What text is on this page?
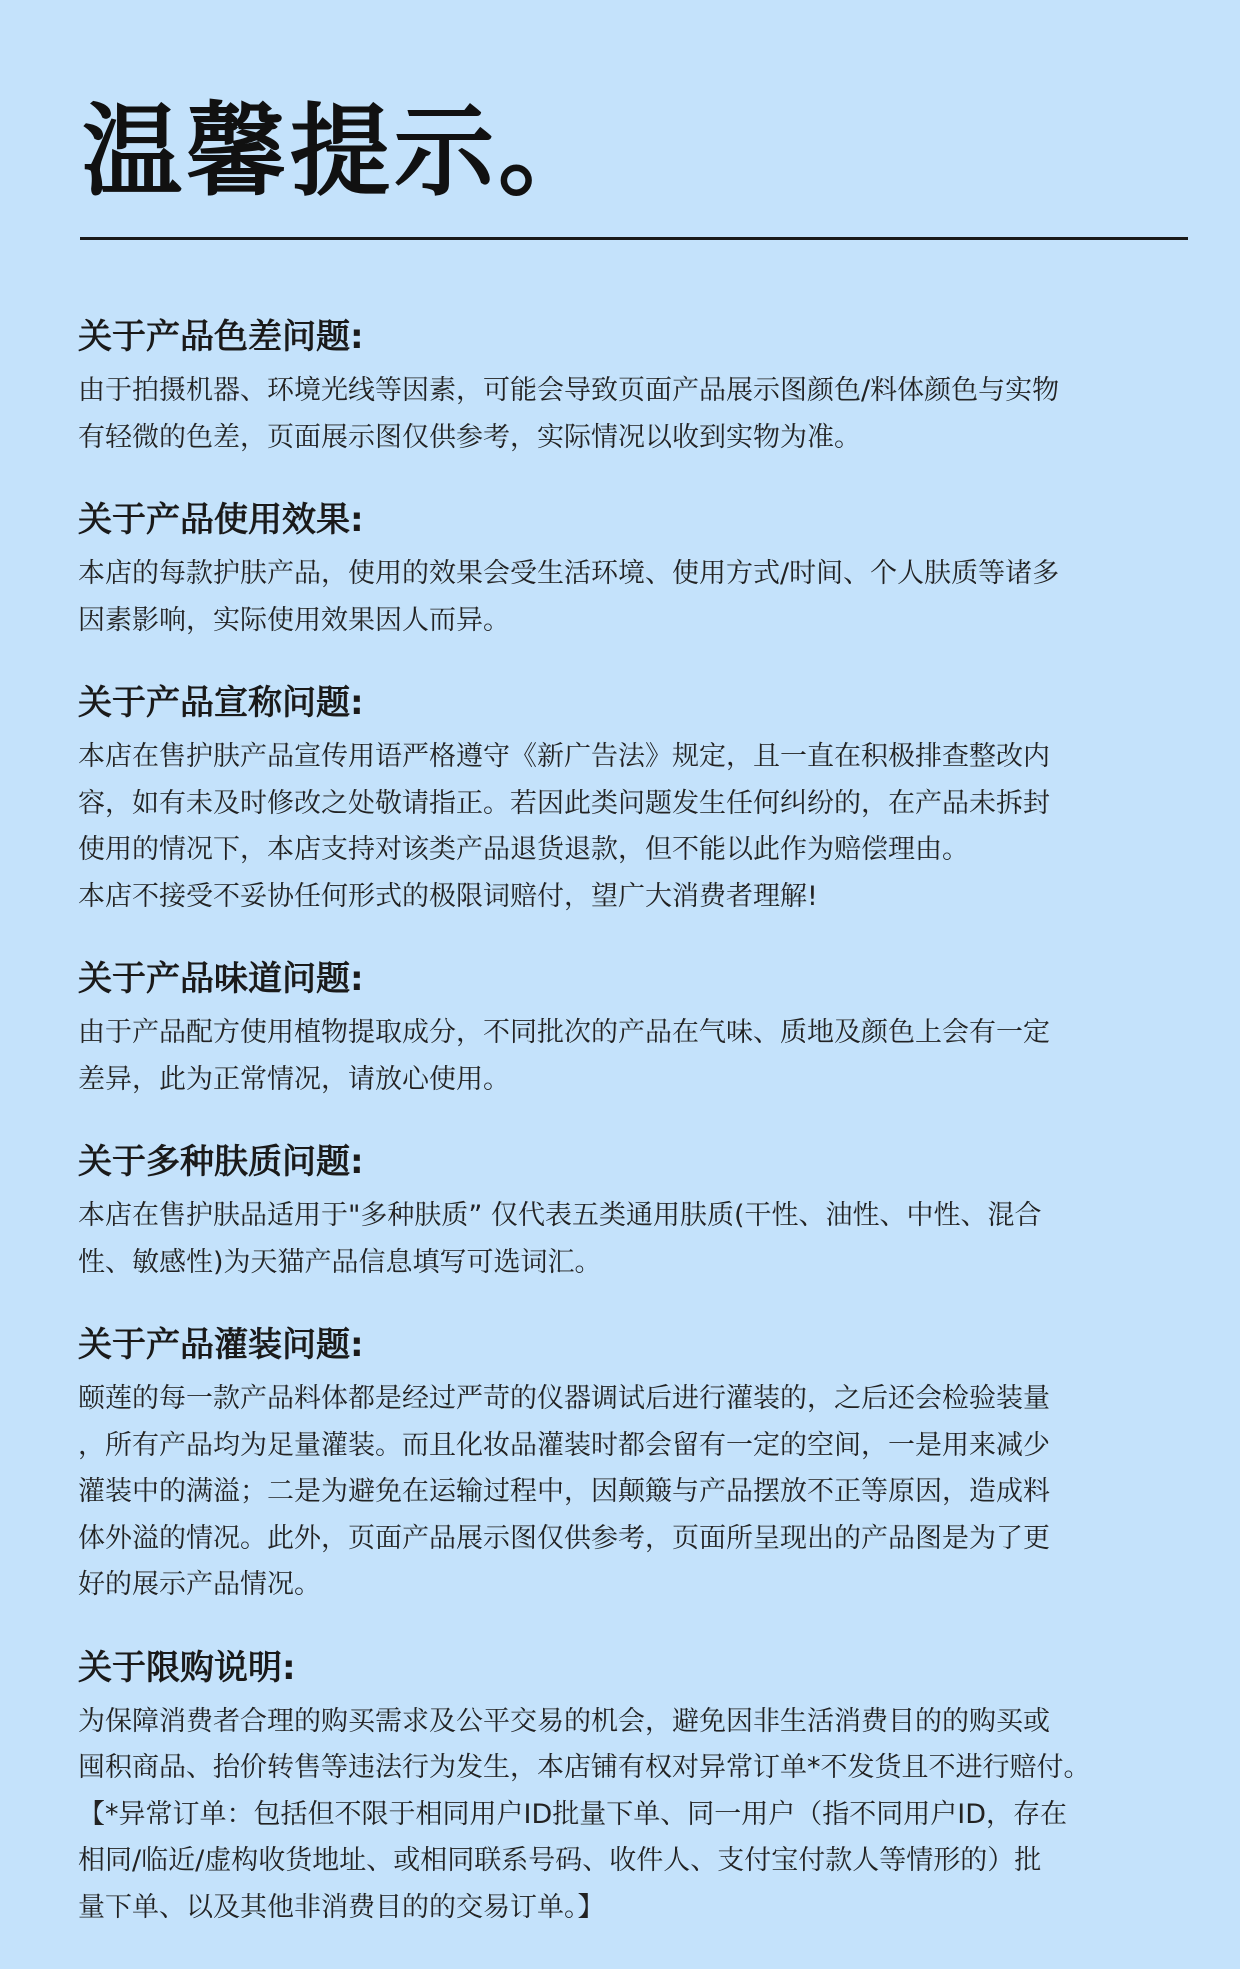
温馨提示。
关于产品色差问题:

由于拍摄机器、环境光线等因素，可能会导致页面产品展示图颜色/料体颜色与实物
有轻微的色差，页面展示图仅供参考，实际情况以收到实物为准。

关于产品使用效果:

本店的每款护肤产品，使用的效果会受生活环境、使用方式/时间、个人肤质等诸多
因素影响，实际使用效果因人而异。

关于产品宣称问题:

本店在售护肤产品宣传用语严格遵守《新广告法》规定，且一直在积极排查整改内
容，如有未及时修改之处敬请指正。若因此类问题发生任何纠纷的，在产品未拆封
使用的情况下，本店支持对该类产品退货退款，但不能以此作为赔偿理由。
本店不接受不妥协任何形式的极限词赔付，望广大消费者理解!

关于产品味道问题:

由于产品配方使用植物提取成分，不同批次的产品在气味、质地及颜色上会有一定
差异，此为正常情况，请放心使用。

关于多种肤质问题:

本店在售护肤品适用于"多种肤质” 仅代表五类通用肤质(干性、油性、中性、混合
性、敏感性)为天猫产品信息填写可选词汇。

关于产品灌装问题:

颐莲的每一款产品料体都是经过严苛的仪器调试后进行灌装的，之后还会检验装量
，所有产品均为足量灌装。而且化妆品灌装时都会留有一定的空间，一是用来减少
灌装中的满溢；二是为避免在运输过程中，因颠簸与产品摆放不正等原因，造成料
体外溢的情况。此外，页面产品展示图仅供参考，页面所呈现出的产品图是为了更
好的展示产品情况。

关于限购说明:

为保障消费者合理的购买需求及公平交易的机会，避免因非生活消费目的的购买或
囤积商品、抬价转售等违法行为发生，本店铺有权对异常订单*不发货且不进行赔付。
【*异常订单：包括但不限于相同用户ID批量下单、同一用户（指不同用户ID，存在
相同/临近/虚构收货地址、或相同联系号码、收件人、支付宝付款人等情形的）批
量下单、以及其他非消费目的的交易订单。】
